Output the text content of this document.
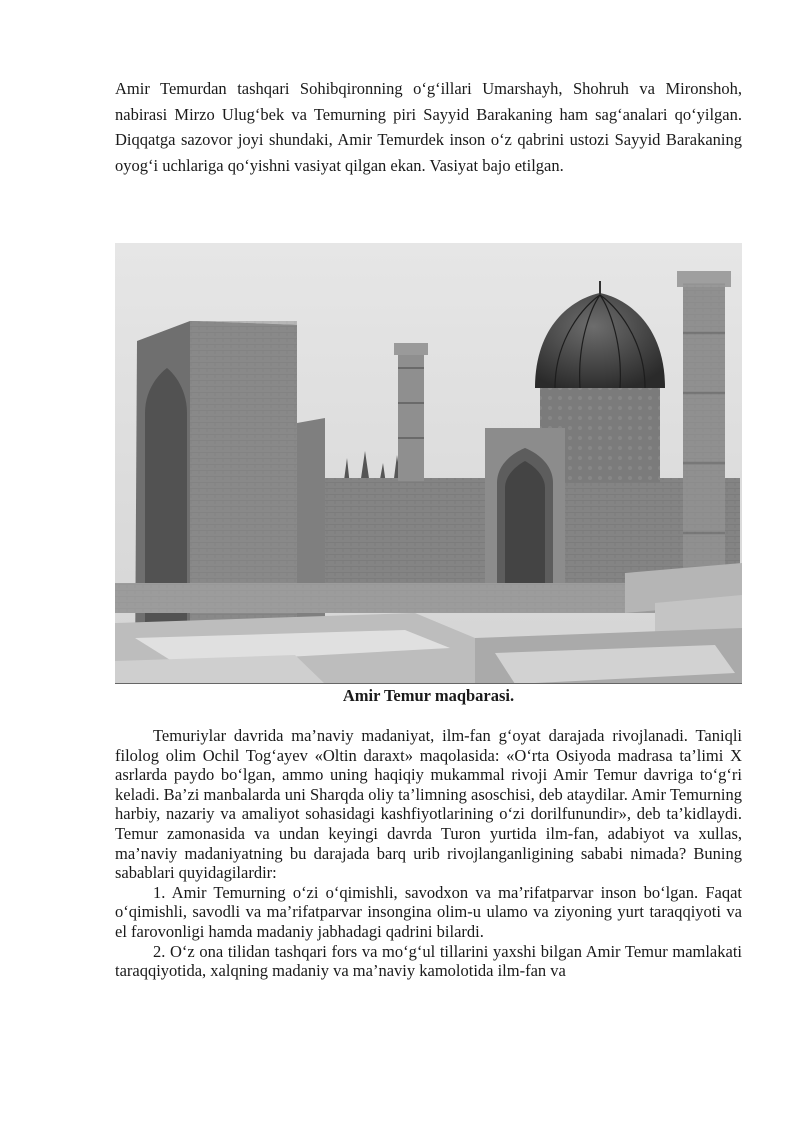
Amir Temurdan tashqari Sohibqironning o‘g‘illari Umarshayh, Shohruh va Mironshoh, nabirasi Mirzo Ulug‘bek va Temurning piri Sayyid Barakaning ham sag‘analari qo‘yilgan. Diqqatga sazovor joyi shundaki, Amir Temurdek inson o‘z qabrini ustozi Sayyid Barakaning oyog‘i uchlariga qo‘yishni vasiyat qilgan ekan. Vasiyat bajo etilgan.
Amir Temur maqbarasi.

Temuriylar davrida ma’naviy madaniyat, ilm-fan g‘oyat darajada rivojlanadi. Taniqli filolog olim Ochil Tog‘ayev «Oltin daraxt» maqolasida: «O‘rta Osiyoda madrasa ta’limi X asrlarda paydo bo‘lgan, ammo uning haqiqiy mukammal rivoji Amir Temur davriga to‘g‘ri keladi. Ba’zi manbalarda uni Sharqda oliy ta’limning asoschisi, deb ataydilar. Amir Temurning harbiy, nazariy va amaliyot sohasidagi kashfiyotlarining o‘zi dorilfunundir», deb ta’kidlaydi. Temur zamonasida va undan keyingi davrda Turon yurtida ilm-fan, adabiyot va xullas, ma’naviy madaniyatning bu darajada barq urib rivojlanganligining sababi nimada? Buning sabablari quyidagilardir:

1. Amir Temurning o‘zi o‘qimishli, savodxon va ma’rifatparvar inson bo‘lgan. Faqat o‘qimishli, savodli va ma’rifatparvar insongina olim-u ulamo va ziyoning yurt taraqqiyoti va el farovonligi hamda madaniy jabhadagi qadrini bilardi.

2. O‘z ona tilidan tashqari fors va mo‘g‘ul tillarini yaxshi bilgan Amir Temur mamlakati taraqqiyotida, xalqning madaniy va ma’naviy kamolotida ilm-fan va
